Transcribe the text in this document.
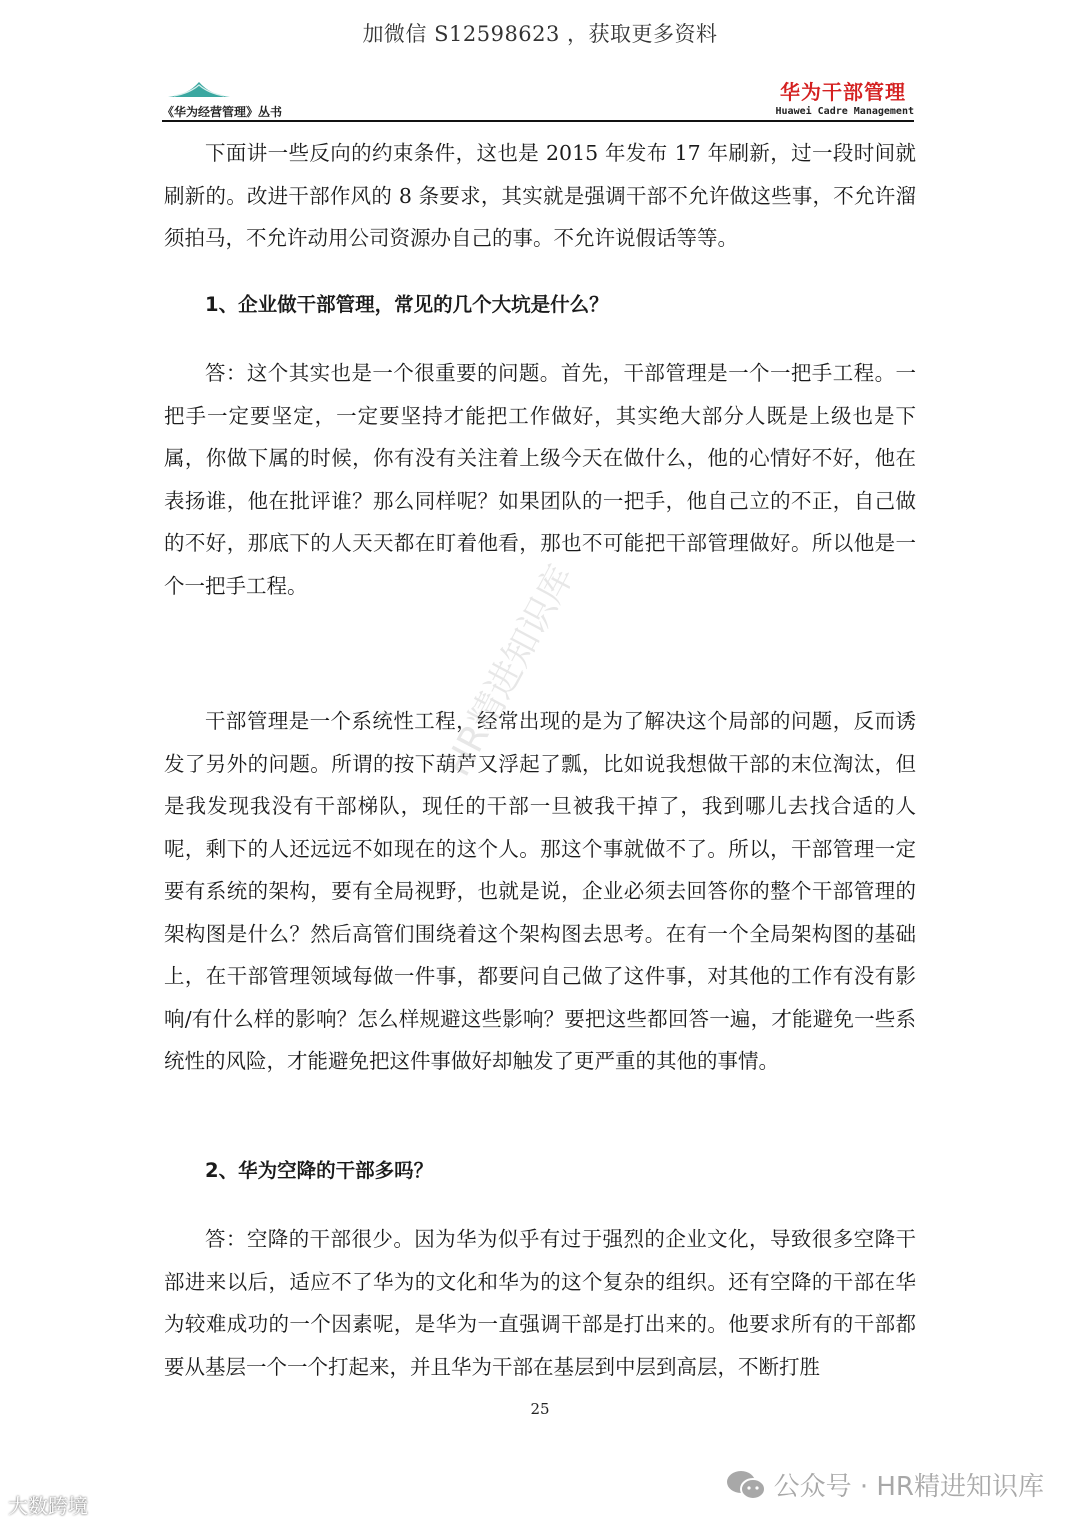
加微信 S12598623 ，获取更多资料
《华为经营管理》丛书
华为干部管理
Huawei Cadre Management

下面讲一些反向的约束条件，这也是 2015 年发布 17 年刷新，过一段时间就刷新的。改进干部作风的 8 条要求，其实就是强调干部不允许做这些事，不允许溜须拍马，不允许动用公司资源办自己的事。不允许说假话等等。

1、企业做干部管理，常见的几个大坑是什么？

答：这个其实也是一个很重要的问题。首先，干部管理是一个一把手工程。一把手一定要坚定，一定要坚持才能把工作做好，其实绝大部分人既是上级也是下属，你做下属的时候，你有没有关注着上级今天在做什么，他的心情好不好，他在表扬谁，他在批评谁？那么同样呢？如果团队的一把手，他自己立的不正，自己做的不好，那底下的人天天都在盯着他看，那也不可能把干部管理做好。所以他是一个一把手工程。

干部管理是一个系统性工程，经常出现的是为了解决这个局部的问题，反而诱发了另外的问题。所谓的按下葫芦又浮起了瓢，比如说我想做干部的末位淘汰，但是我发现我没有干部梯队，现任的干部一旦被我干掉了，我到哪儿去找合适的人呢，剩下的人还远远不如现在的这个人。那这个事就做不了。所以，干部管理一定要有系统的架构，要有全局视野，也就是说，企业必须去回答你的整个干部管理的架构图是什么？然后高管们围绕着这个架构图去思考。在有一个全局架构图的基础上，在干部管理领域每做一件事，都要问自己做了这件事，对其他的工作有没有影响/有什么样的影响？怎么样规避这些影响？要把这些都回答一遍，才能避免一些系统性的风险，才能避免把这件事做好却触发了更严重的其他的事情。

2、华为空降的干部多吗？

答：空降的干部很少。因为华为似乎有过于强烈的企业文化，导致很多空降干部进来以后，适应不了华为的文化和华为的这个复杂的组织。还有空降的干部在华为较难成功的一个因素呢，是华为一直强调干部是打出来的。他要求所有的干部都要从基层一个一个打起来，并且华为干部在基层到中层到高层，不断打胜

25
HR精进知识库
公众号 · HR精进知识库
大数跨境
